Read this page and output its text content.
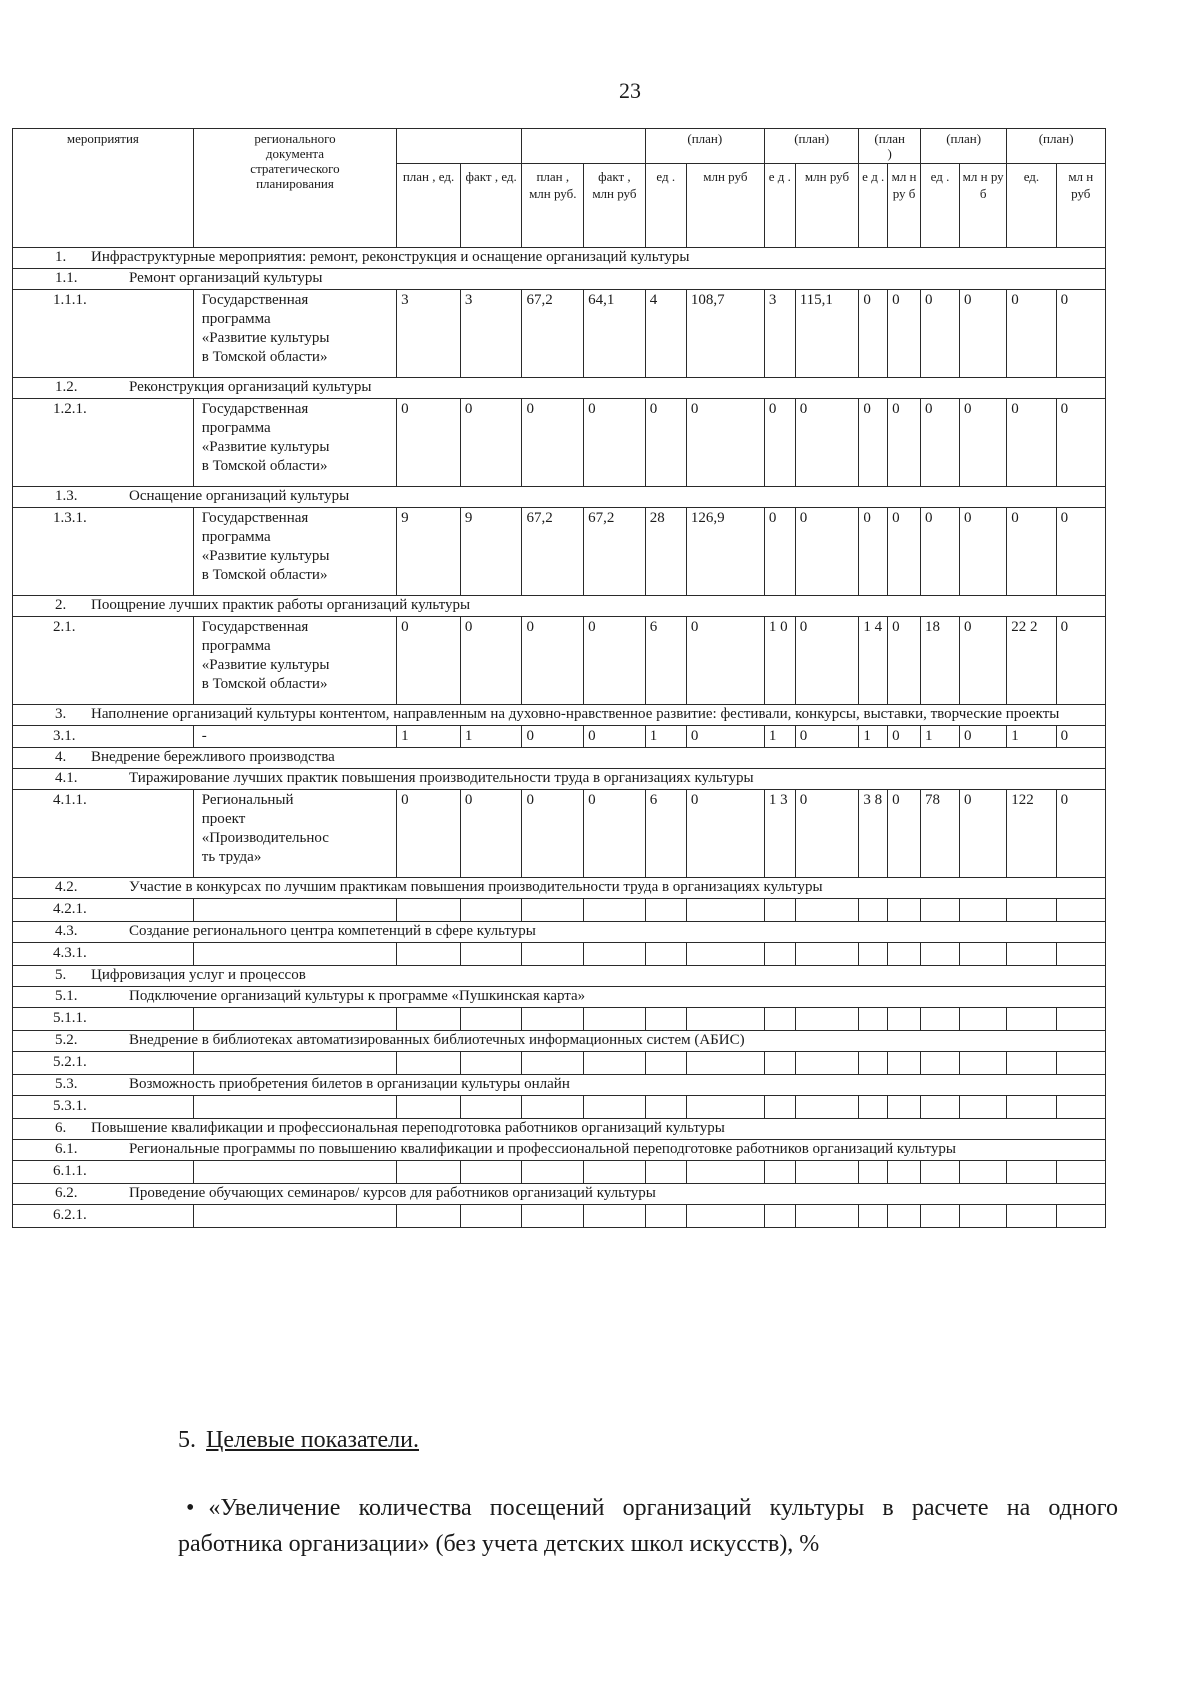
23
мероприятия	регионального
документа
стратегического
планирования					(план)		(план)		(план
)		(план)		(план)	
		план , ед.	факт , ед.	план , млн руб.	факт , млн руб	ед .	млн руб	е д .	млн руб	е д .	мл н ру б	ед .	мл н ру б	ед.	мл н руб
1. Инфраструктурные мероприятия: ремонт, реконструкция и оснащение организаций культуры															
1.1. Ремонт организаций культуры															
1.1.1.	Государственная
программа
«Развитие культуры
в Томской области»	3	3	67,2	64,1	4	108,7	3	115,1	0	0	0	0	0	0
1.2. Реконструкция организаций культуры															
1.2.1.	Государственная
программа
«Развитие культуры
в Томской области»	0	0	0	0	0	0	0	0	0	0	0	0	0	0
1.3. Оснащение организаций культуры															
1.3.1.	Государственная
программа
«Развитие культуры
в Томской области»	9	9	67,2	67,2	28	126,9	0	0	0	0	0	0	0	0
2. Поощрение лучших практик работы организаций культуры															
2.1.	Государственная
программа
«Развитие культуры
в Томской области»	0	0	0	0	6	0	1 0	0	1 4	0	18	0	22 2	0
3. Наполнение организаций культуры контентом, направленным на духовно-нравственное развитие: фестивали, конкурсы, выставки, творческие проекты															
3.1.	-	1	1	0	0	1	0	1	0	1	0	1	0	1	0
4. Внедрение бережливого производства															
4.1. Тиражирование лучших практик повышения производительности труда в организациях культуры															
4.1.1.	Региональный
проект
«Производительнос
ть труда»	0	0	0	0	6	0	1 3	0	3 8	0	78	0	122	0
4.2. Участие в конкурсах по лучшим практикам повышения производительности труда в организациях культуры															
4.2.1.															
4.3. Создание регионального центра компетенций в сфере культуры															
4.3.1.															
5. Цифровизация услуг и процессов															
5.1. Подключение организаций культуры к программе «Пушкинская карта»															
5.1.1.															
5.2. Внедрение в библиотеках автоматизированных библиотечных информационных систем (АБИС)															
5.2.1.															
5.3. Возможность приобретения билетов в организации культуры онлайн															
5.3.1.															
6. Повышение квалификации и профессиональная переподготовка работников организаций культуры															
6.1. Региональные программы по повышению квалификации и профессиональной переподготовке работников организаций культуры															
6.1.1.															
6.2. Проведение обучающих семинаров/ курсов для работников организаций культуры															
6.2.1.															

5. Целевые показатели.

• «Увеличение количества посещений организаций культуры в расчете на одного работника организации» (без учета детских школ искусств), %
